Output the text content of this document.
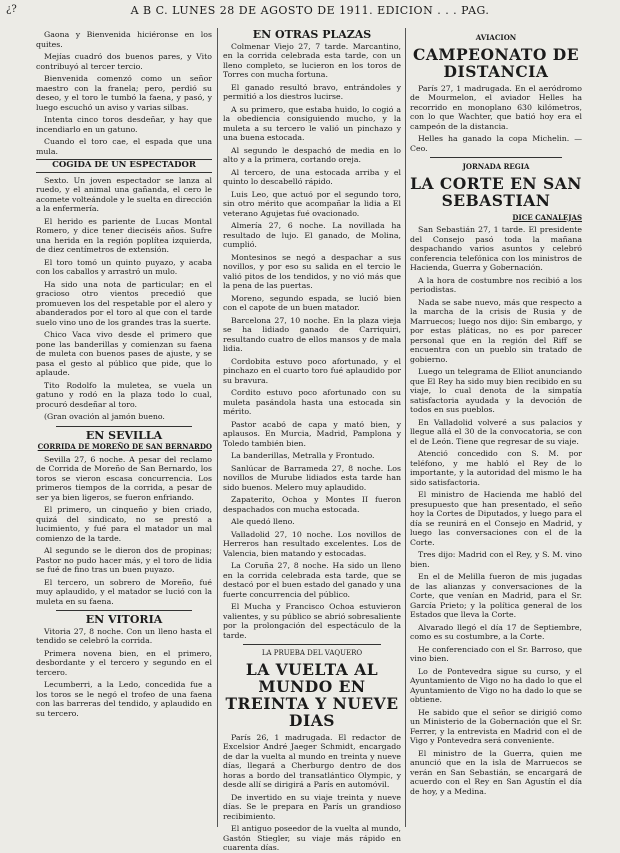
¿?	A B C. LUNES 28 DE AGOSTO DE 1911. EDICION . . . PAG.

Gaona y Bienvenida hiciéronse en los quites.

Mejías cuadró dos buenos pares, y Vito contribuyó al tercer tercio.

Bienvenida comenzó como un señor maestro con la franela; pero, perdió su deseo, y el toro le tumbó la faena, y pasó, y luego escuchó un aviso y varias silbas.

Intenta cinco toros desdeñar, y hay que incendiarlo en un gatuno.

Cuando el toro cae, el espada que una mula.

COGIDA DE UN ESPECTADOR

Sexto. Un joven espectador se lanza al ruedo, y el animal una gañanda, el cero le acomete volteándole y le suelta en dirección a la enfermería.

El herido es pariente de Lucas Montal Romero, y dice tener dieciséis años. Sufre una herida en la región poplítea izquierda, de diez centímetros de extensión.

El toro tomó un quinto puyazo, y acaba con los caballos y arrastró un mulo.

Ha sido una nota de particular; en el gracioso otro vientos precedió que promueven los del respetable por el alero y abanderados por el toro al que con el tarde suelo vino uno de los grandes tras la suerte.

Chico Vaca vivo desde el primero que pone las banderillas y comienzan su faena de muleta con buenos pases de ajuste, y se pasa el gesto al público que pide, que lo aplaude.

Tito Rodolfo la muletea, se vuela un gatuno y rodó en la plaza todo lo cual, procuró desdeñar al toro.

(Gran ovación al jamón bueno.

EN SEVILLA
CORRIDA DE MOREÑO DE SAN BERNARDO

Sevilla 27, 6 noche. A pesar del reclamo de Corrida de Moreño de San Bernardo, los toros se vieron escasa concurrencia. Los primeros tiempos de la corrida, a pesar de ser ya bien ligeros, se fueron enfriando.

El primero, un cinqueño y bien criado, quizá del sindicato, no se prestó a lucimiento, y fué para el matador un mal comienzo de la tarde.

Al segundo se le dieron dos de propinas; Pastor no pudo hacer más, y el toro de lidia se fué de fino tras un buen puyazo.

El tercero, un sobrero de Moreño, fué muy aplaudido, y el matador se lució con la muleta en su faena.

EN VITORIA

Vitoria 27, 8 noche. Con un lleno hasta el tendido se celebró la corrida.

Primera novena bien, en el primero, desbordante y el tercero y segundo en el tercero.

Lecumberri, a la Ledo, concedida fue a los toros se le negó el trofeo de una faena con las barreras del tendido, y aplaudido en su tercero.

EN OTRAS PLAZAS

Colmenar Viejo 27, 7 tarde. Marcantino, en la corrida celebrada esta tarde, con un lleno completo, se lucieron en los toros de Torres con mucha fortuna.

El ganado resultó bravo, entrándoles y permitió a los diestros lucirse.

A su primero, que estaba huido, lo cogió a la obediencia consiguiendo mucho, y la muleta a su tercero le valió un pinchazo y una buena estocada.

Al segundo le despachó de media en lo alto y a la primera, cortando oreja.

Al tercero, de una estocada arriba y el quinto lo descabelló rápido.

Luis Leo, que actuó por el segundo toro, sin otro mérito que acompañar la lidia a El veterano Agujetas fué ovacionado.

Almería 27, 6 noche. La novillada ha resultado de lujo. El ganado, de Molina, cumplió.

Montesinos se negó a despachar a sus novillos, y por eso su salida en el tercio le valió pitos de los tendidos, y no vió más que la pena de las puertas.

Moreno, segundo espada, se lució bien con el capote de un buen matador.

Barcelona 27, 10 noche. En la plaza vieja se ha lidiado ganado de Carriquiri, resultando cuatro de ellos mansos y de mala lidia.

Cordobita estuvo poco afortunado, y el pinchazo en el cuarto toro fué aplaudido por su bravura.

Cordito estuvo poco afortunado con su muleta pasándola hasta una estocada sin mérito.

Pastor acabó de capa y mató bien, y aplausos. En Murcia, Madrid, Pamplona y Toledo también bien.

La banderillas, Metralla y Frontudo.

Sanlúcar de Barrameda 27, 8 noche. Los novillos de Murube lidiados esta tarde han sido buenos. Melero muy aplaudido.

Zapaterito, Ochoa y Montes II fueron despachados con mucha estocada.

Ale quedó lleno.

Valladolid 27, 10 noche. Los novillos de Herreros han resultado excelentes. Los de Valencia, bien matando y estocadas.

La Coruña 27, 8 noche. Ha sido un lleno en la corrida celebrada esta tarde, que se destacó por el buen estado del ganado y una fuerte concurrencia del público.

El Mucha y Francisco Ochoa estuvieron valientes, y su público se abrió sobresaliente por la prolongación del espectáculo de la tarde.

LA PRUEBA DEL VAQUERO
LA VUELTA AL MUNDO EN TREINTA Y NUEVE DIAS

París 26, 1 madrugada. El redactor de Excelsior André Jaeger Schmidt, encargado de dar la vuelta al mundo en treinta y nueve días, llegará a Cherburgo dentro de dos horas a bordo del transatlántico Olympic, y desde allí se dirigirá a París en automóvil.

De invertido en su viaje treinta y nueve días. Se le prepara en París un grandioso recibimiento.

El antiguo poseedor de la vuelta al mundo, Gastón Stiegler, su viaje más rápido en cuarenta días.

AVIACION
CAMPEONATO DE DISTANCIA

París 27, 1 madrugada. En el aeródromo de Mourmelon, el aviador Helles ha recorrido en monoplano 630 kilómetros, con lo que Wachter, que batió hoy era el campeón de la distancia.

Helles ha ganado la copa Michelin. — Ceo.

JORNADA REGIA
LA CORTE EN SAN SEBASTIAN
DICE CANALEJAS

San Sebastián 27, 1 tarde. El presidente del Consejo pasó toda la mañana despachando varios asuntos y celebró conferencia telefónica con los ministros de Hacienda, Guerra y Gobernación.

A la hora de costumbre nos recibió a los periodistas.

Nada se sabe nuevo, más que respecto a la marcha de la crisis de Rusia y de Marruecos; luego nos dijo: Sin embargo, y por estas pláticas, no es por parecer personal que en la región del Riff se encuentra con un pueblo sin tratado de gobierno.

Luego un telegrama de Elliot anunciando que El Rey ha sido muy bien recibido en su viaje, lo cual denota de la simpatía satisfactoria ayudada y la devoción de todos en sus pueblos.

En Valladolid volveré a sus palacios y llegue allá el 30 de la convocatoria, se con el de León. Tiene que regresar de su viaje.

Atenció concedido con S. M. por teléfono, y me habló el Rey de lo importante, y la autoridad del mismo le ha sido satisfactoria.

El ministro de Hacienda me habló del presupuesto que han presentado, el seño hoy la Cortes de Diputados, y luego para el día se reunirá en el Consejo en Madrid, y luego las conversaciones con el de la Corte.

Tres dijo: Madrid con el Rey, y S. M. vino bien.

En el de Melilla fueron de mis jugadas de las alianzas y conversaciones de la Corte, que venían en Madrid, para el Sr. García Prieto; y la política general de los Estados que lleva la Corte.

Alvarado llegó el día 17 de Septiembre, como es su costumbre, a la Corte.

He conferenciado con el Sr. Barroso, que vino bien.

Lo de Pontevedra sigue su curso, y el Ayuntamiento de Vigo no ha dado lo que el Ayuntamiento de Vigo no ha dado lo que se obtiene.

He sabido que el señor se dirigió como un Ministerio de la Gobernación que el Sr. Ferrer, y la entrevista en Madrid con el de Vigo y Pontevedra será conveniente.

El ministro de la Guerra, quien me anunció que en la isla de Marruecos se verán en San Sebastián, se encargará de acuerdo con el Rey en San Agustín el día de hoy, y a Medina.
